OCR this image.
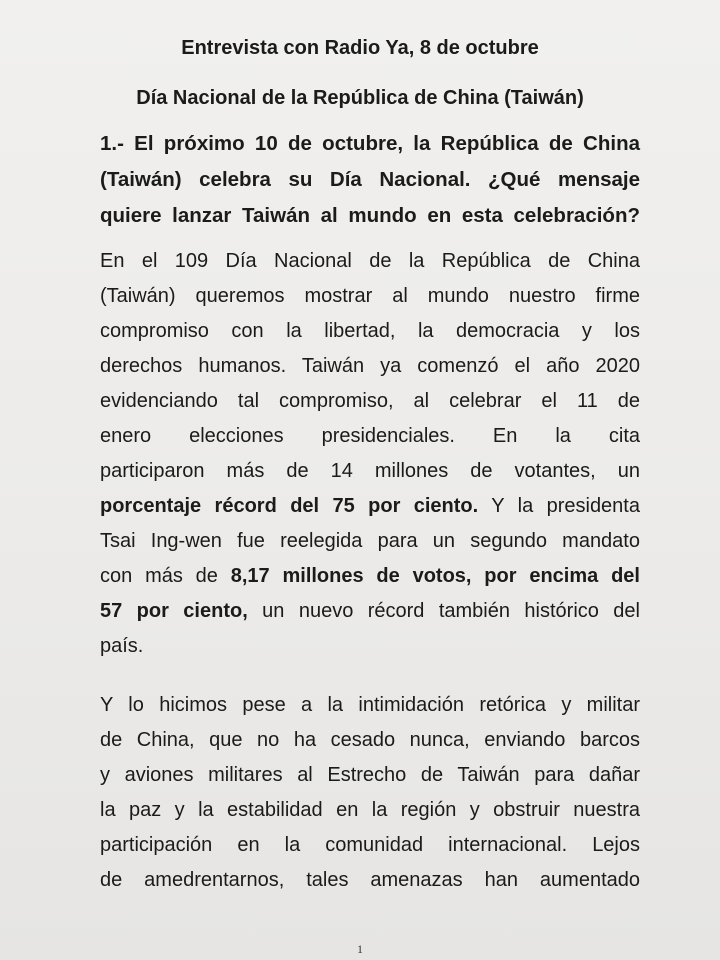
Entrevista con Radio Ya, 8 de octubre
Día Nacional de la República de China (Taiwán)
1.- El próximo 10 de octubre, la República de China
(Taiwán) celebra su Día Nacional. ¿Qué mensaje
quiere lanzar Taiwán al mundo en esta celebración?
En el 109 Día Nacional de la República de China
(Taiwán) queremos mostrar al mundo nuestro firme
compromiso con la libertad, la democracia y los
derechos humanos. Taiwán ya comenzó el año 2020
evidenciando tal compromiso, al celebrar el 11 de
enero elecciones presidenciales. En la cita
participaron más de 14 millones de votantes, un
porcentaje récord del 75 por ciento. Y la presidenta
Tsai Ing-wen fue reelegida para un segundo mandato
con más de 8,17 millones de votos, por encima del
57 por ciento, un nuevo récord también histórico del
país.
Y lo hicimos pese a la intimidación retórica y militar
de China, que no ha cesado nunca, enviando barcos
y aviones militares al Estrecho de Taiwán para dañar
la paz y la estabilidad en la región y obstruir nuestra
participación en la comunidad internacional. Lejos
de amedrentarnos, tales amenazas han aumentado
1
